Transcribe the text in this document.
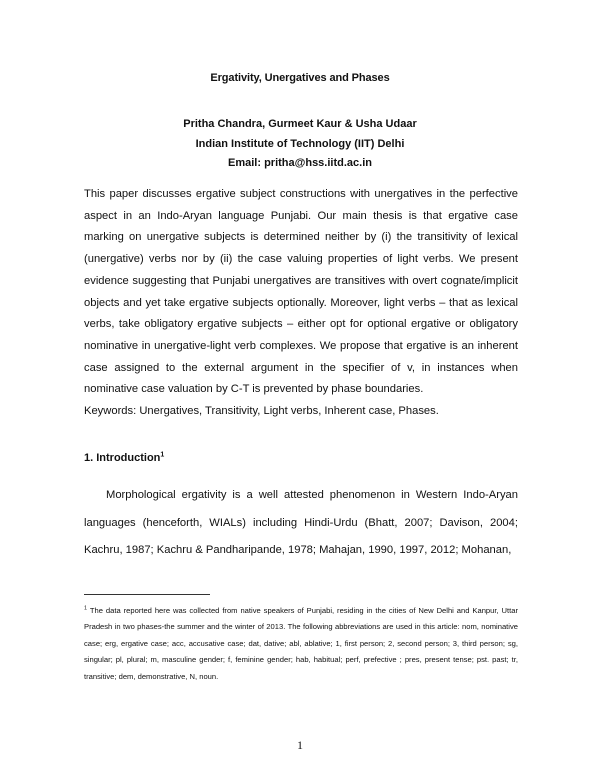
Ergativity, Unergatives and Phases
Pritha Chandra, Gurmeet Kaur & Usha Udaar
Indian Institute of Technology (IIT) Delhi
Email: pritha@hss.iitd.ac.in
This paper discusses ergative subject constructions with unergatives in the perfective aspect in an Indo-Aryan language Punjabi. Our main thesis is that ergative case marking on unergative subjects is determined neither by (i) the transitivity of lexical (unergative) verbs nor by (ii) the case valuing properties of light verbs. We present evidence suggesting that Punjabi unergatives are transitives with overt cognate/implicit objects and yet take ergative subjects optionally. Moreover, light verbs – that as lexical verbs, take obligatory ergative subjects – either opt for optional ergative or obligatory nominative in unergative-light verb complexes. We propose that ergative is an inherent case assigned to the external argument in the specifier of v, in instances when nominative case valuation by C-T is prevented by phase boundaries.
Keywords: Unergatives, Transitivity, Light verbs, Inherent case, Phases.
1. Introduction$^1$
Morphological ergativity is a well attested phenomenon in Western Indo-Aryan languages (henceforth, WIALs) including Hindi-Urdu (Bhatt, 2007; Davison, 2004; Kachru, 1987; Kachru & Pandharipande, 1978; Mahajan, 1990, 1997, 2012; Mohanan,
$^1$ The data reported here was collected from native speakers of Punjabi, residing in the cities of New Delhi and Kanpur, Uttar Pradesh in two phases-the summer and the winter of 2013. The following abbreviations are used in this article: nom, nominative case; erg, ergative case; acc, accusative case; dat, dative; abl, ablative; 1, first person; 2, second person; 3, third person; sg, singular; pl, plural; m, masculine gender; f, feminine gender; hab, habitual; perf, prefective ; pres, present tense; pst. past; tr, transitive; dem, demonstrative, N, noun.
1
